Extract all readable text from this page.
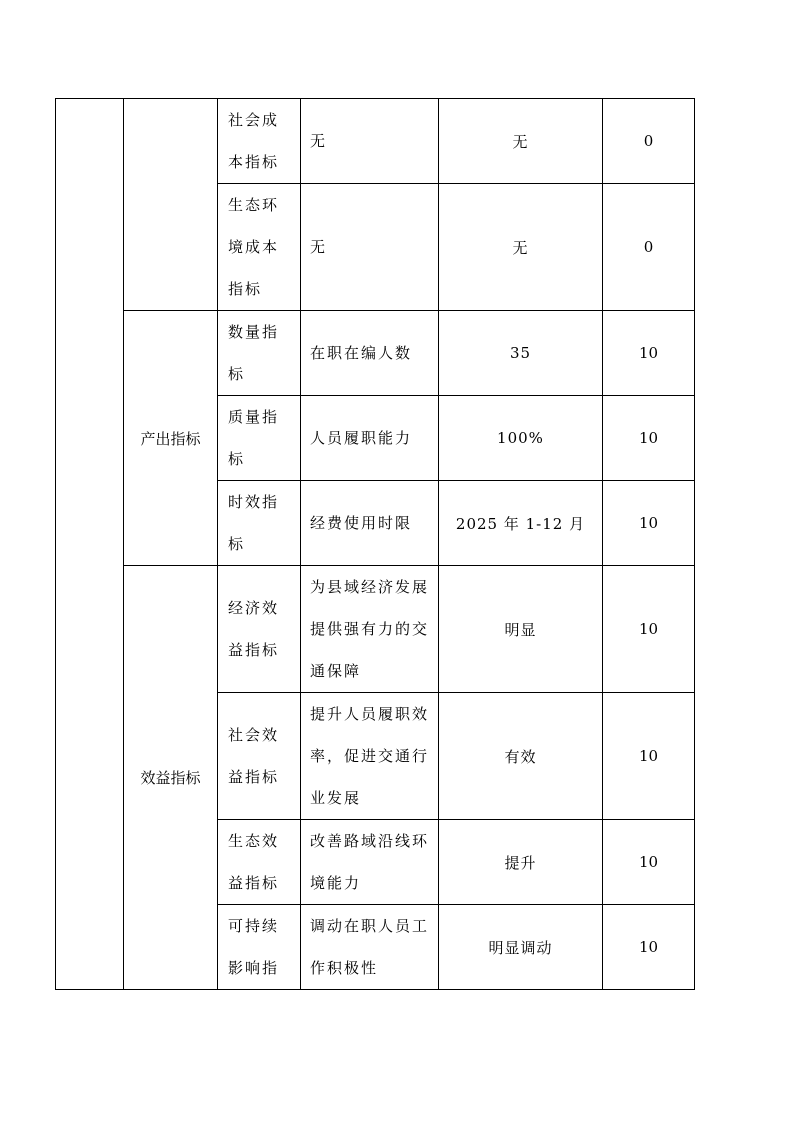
		社会成本指标	无	无	0
		生态环境成本指标	无	无	0
	产出指标	数量指标	在职在编人数	35	10
		质量指标	人员履职能力	100%	10
		时效指标	经费使用时限	2025 年 1-12 月	10
	效益指标	经济效益指标	为县域经济发展提供强有力的交通保障	明显	10
		社会效益指标	提升人员履职效率，促进交通行业发展	有效	10
		生态效益指标	改善路域沿线环境能力	提升	10
		可持续影响指	调动在职人员工作积极性	明显调动	10
